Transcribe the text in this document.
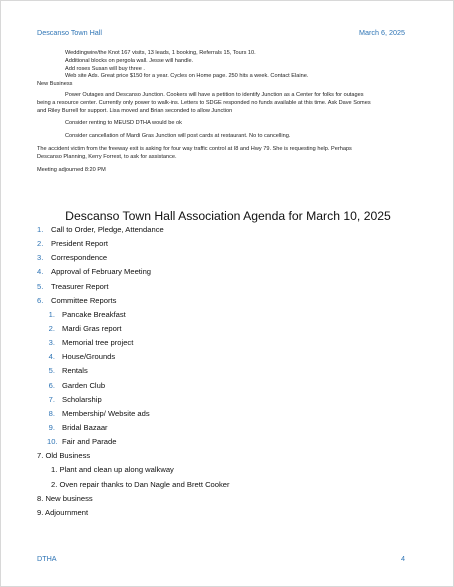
Descanso Town Hall	March 6, 2025

Weddingwire/the Knot 167 visits, 13 leads, 1 booking, Referrals 15, Tours 10.

Additional blocks on pergola wall. Jesse will handle.

Add roses Susan will buy three .

Web site Ads. Great price $150 for a year. Cycles on Home page. 250 hits a week. Contact Elaine.

New Business

Power Outages and Descanso Junction. Cookers will have a petition to identify Junction as a Center for folks for outages

being a resource center. Currently only power to walk-ins. Letters to SDGE responded no funds available at this time. Ask Dave Somes

and Riley Burrell for support. Lisa moved and Brian seconded to allow Junction

Consider renting to MEUSD DTHA would be ok

Consider cancellation of Mardi Gras Junction will post cards at restaurant. No to cancelling.

The accident victim from the freeway exit is asking for four way traffic control at I8 and Hwy 79. She is requesting help. Perhaps

Descanso Planning, Kerry Forrest, to ask for assistance.

Meeting adjourned 8:20 PM

Descanso Town Hall Association Agenda for March 10, 2025
1. Call to Order, Pledge, Attendance
2. President Report
3. Correspondence
4. Approval of February Meeting
5. Treasurer Report
6. Committee Reports
1. Pancake Breakfast
2. Mardi Gras report
3. Memorial tree project
4. House/Grounds
5. Rentals
6. Garden Club
7. Scholarship
8. Membership/ Website ads
9. Bridal Bazaar
10. Fair and Parade
7. Old Business
1. Plant and clean up along walkway
2. Oven repair thanks to Dan Nagle and Brett Cooker
8. New business
9. Adjournment
DTHA	4
